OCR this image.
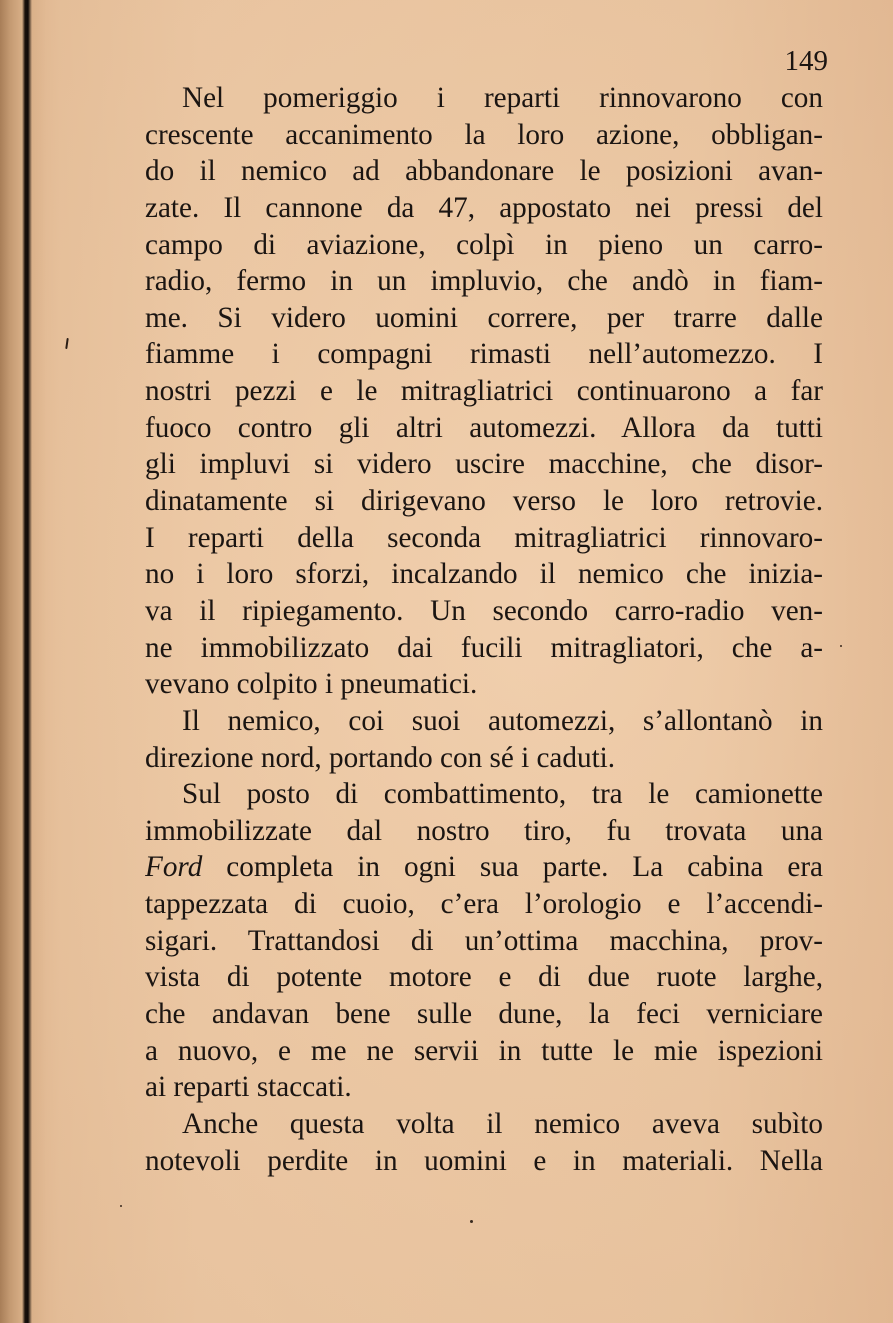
149
Nel pomeriggio i reparti rinnovarono con
crescente accanimento la loro azione, obbligan-
do il nemico ad abbandonare le posizioni avan-
zate. Il cannone da 47, appostato nei pressi del
campo di aviazione, colpì in pieno un carro-
radio, fermo in un impluvio, che andò in fiam-
me. Si videro uomini correre, per trarre dalle
fiamme i compagni rimasti nell’automezzo. I
nostri pezzi e le mitragliatrici continuarono a far
fuoco contro gli altri automezzi. Allora da tutti
gli impluvi si videro uscire macchine, che disor-
dinatamente si dirigevano verso le loro retrovie.
I reparti della seconda mitragliatrici rinnovaro-
no i loro sforzi, incalzando il nemico che inizia-
va il ripiegamento. Un secondo carro-radio ven-
ne immobilizzato dai fucili mitragliatori, che a-
vevano colpito i pneumatici.
Il nemico, coi suoi automezzi, s’allontanò in
direzione nord, portando con sé i caduti.
Sul posto di combattimento, tra le camionette
immobilizzate dal nostro tiro, fu trovata una
Ford completa in ogni sua parte. La cabina era
tappezzata di cuoio, c’era l’orologio e l’accendi-
sigari. Trattandosi di un’ottima macchina, prov-
vista di potente motore e di due ruote larghe,
che andavan bene sulle dune, la feci verniciare
a nuovo, e me ne servii in tutte le mie ispezioni
ai reparti staccati.
Anche questa volta il nemico aveva subìto
notevoli perdite in uomini e in materiali. Nella
